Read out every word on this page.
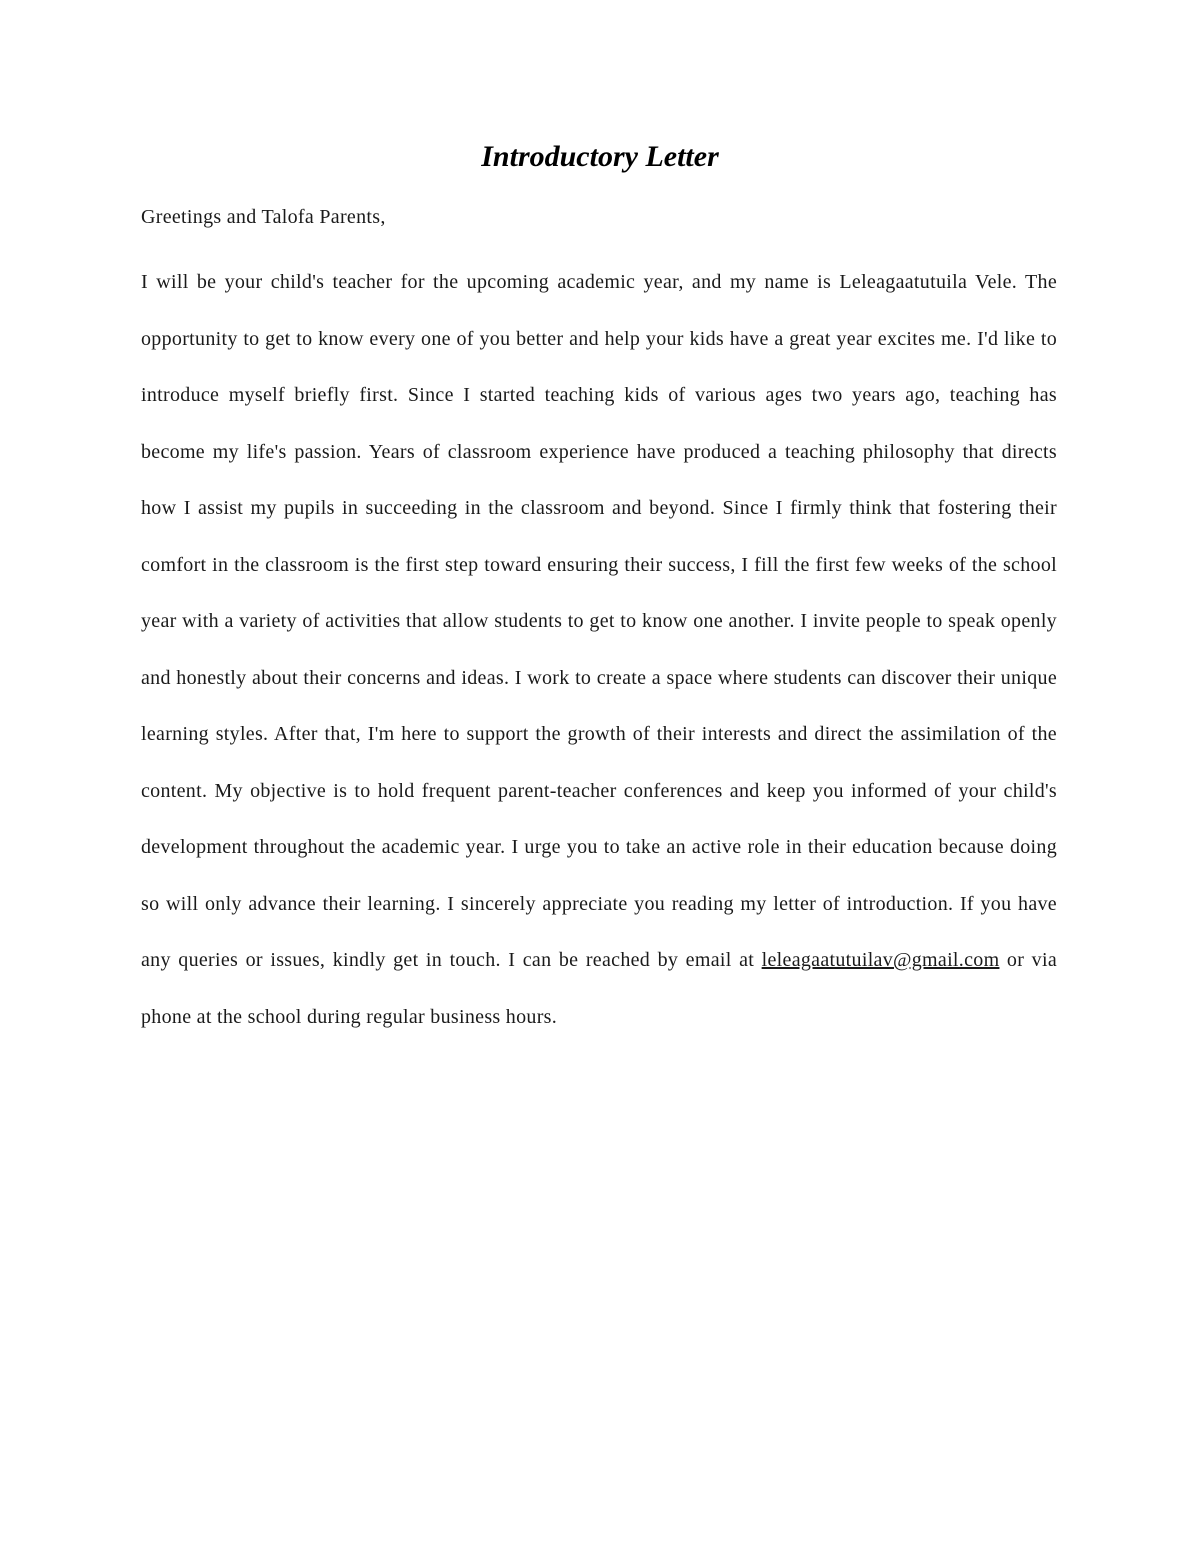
Introductory Letter

Greetings and Talofa Parents,

I will be your child's teacher for the upcoming academic year, and my name is Leleagaatutuila Vele. The opportunity to get to know every one of you better and help your kids have a great year excites me. I'd like to introduce myself briefly first. Since I started teaching kids of various ages two years ago, teaching has become my life's passion. Years of classroom experience have produced a teaching philosophy that directs how I assist my pupils in succeeding in the classroom and beyond. Since I firmly think that fostering their comfort in the classroom is the first step toward ensuring their success, I fill the first few weeks of the school year with a variety of activities that allow students to get to know one another. I invite people to speak openly and honestly about their concerns and ideas. I work to create a space where students can discover their unique learning styles. After that, I'm here to support the growth of their interests and direct the assimilation of the content. My objective is to hold frequent parent-teacher conferences and keep you informed of your child's development throughout the academic year. I urge you to take an active role in their education because doing so will only advance their learning. I sincerely appreciate you reading my letter of introduction. If you have any queries or issues, kindly get in touch. I can be reached by email at leleagaatutuilav@gmail.com or via phone at the school during regular business hours.
